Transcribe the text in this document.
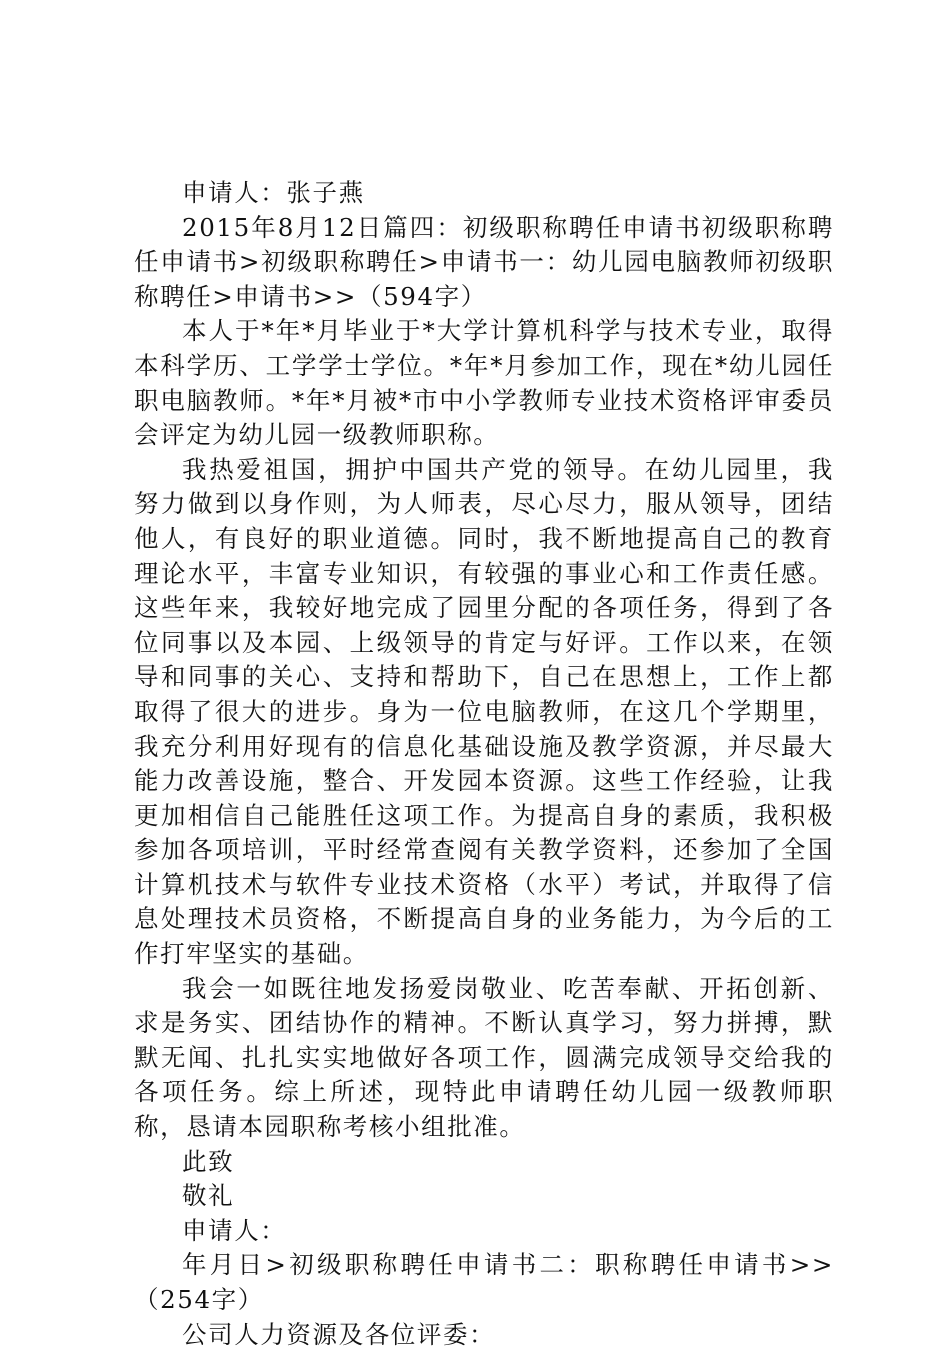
申请人：张子燕

2015年8月12日篇四：初级职称聘任申请书初级职称聘任申请书>初级职称聘任>申请书一：幼儿园电脑教师初级职称聘任>申请书>>（594字）

本人于*年*月毕业于*大学计算机科学与技术专业，取得本科学历、工学学士学位。*年*月参加工作，现在*幼儿园任职电脑教师。*年*月被*市中小学教师专业技术资格评审委员会评定为幼儿园一级教师职称。

我热爱祖国，拥护中国共产党的领导。在幼儿园里，我努力做到以身作则，为人师表，尽心尽力，服从领导，团结他人，有良好的职业道德。同时，我不断地提高自己的教育理论水平，丰富专业知识，有较强的事业心和工作责任感。这些年来，我较好地完成了园里分配的各项任务，得到了各位同事以及本园、上级领导的肯定与好评。工作以来，在领导和同事的关心、支持和帮助下，自己在思想上，工作上都取得了很大的进步。身为一位电脑教师，在这几个学期里，我充分利用好现有的信息化基础设施及教学资源，并尽最大能力改善设施，整合、开发园本资源。这些工作经验，让我更加相信自己能胜任这项工作。为提高自身的素质，我积极参加各项培训，平时经常查阅有关教学资料，还参加了全国计算机技术与软件专业技术资格（水平）考试，并取得了信息处理技术员资格，不断提高自身的业务能力，为今后的工作打牢坚实的基础。

我会一如既往地发扬爱岗敬业、吃苦奉献、开拓创新、求是务实、团结协作的精神。不断认真学习，努力拼搏，默默无闻、扎扎实实地做好各项工作，圆满完成领导交给我的各项任务。综上所述，现特此申请聘任幼儿园一级教师职称，恳请本园职称考核小组批准。

此致

敬礼

申请人：

年月日>初级职称聘任申请书二：职称聘任申请书>>（254字）

公司人力资源及各位评委：
